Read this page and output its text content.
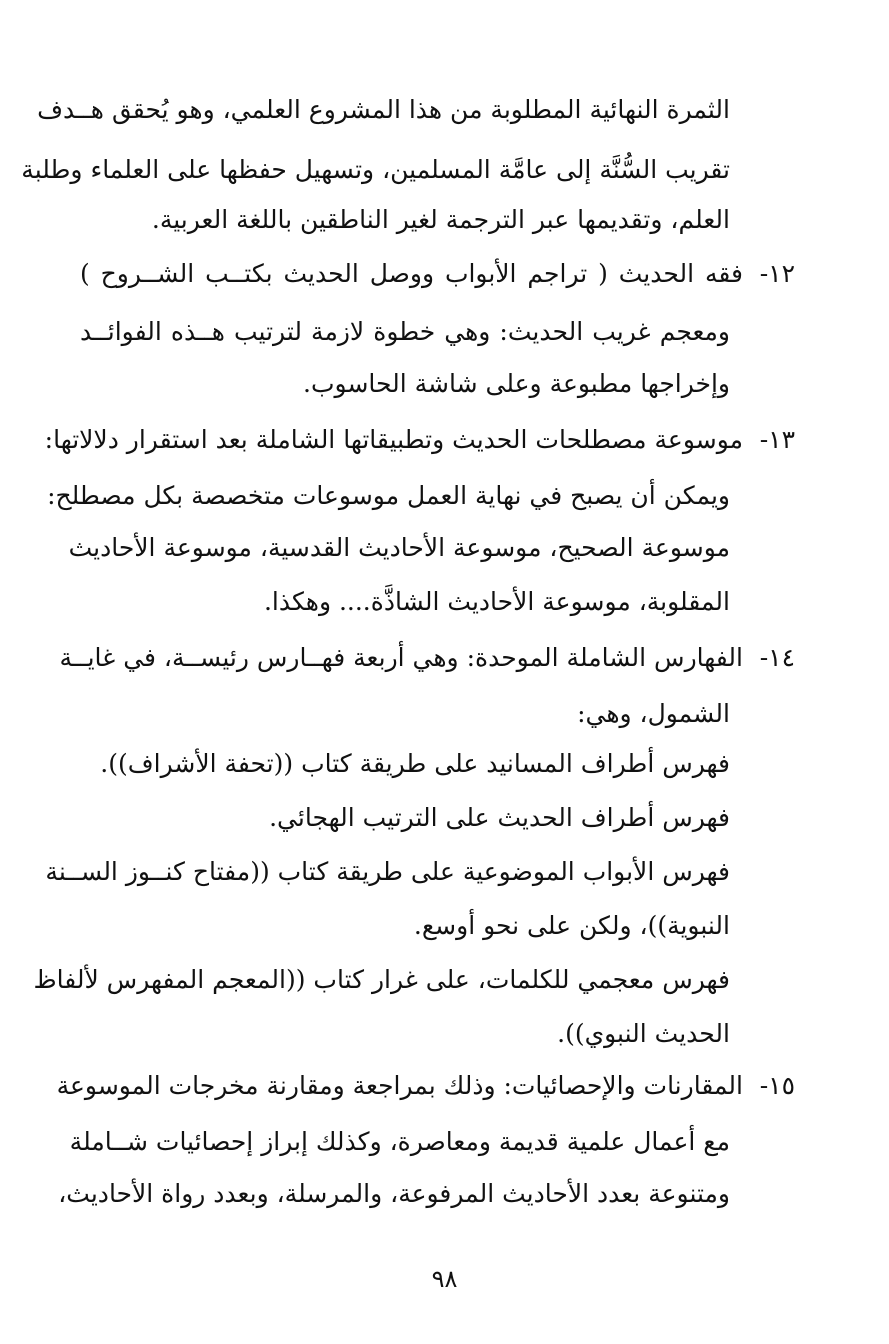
الثمرة النهائية المطلوبة من هذا المشروع العلمي، وهو يُحقق هــدف
تقريب السُّنَّة إلى عامَّة المسلمين، وتسهيل حفظها على العلماء وطلبة
العلم، وتقديمها عبر الترجمة لغير الناطقين باللغة العربية.
١٢-فقه الحديث ( تراجم الأبواب ووصل الحديث بكتــب الشــروح )
ومعجم غريب الحديث: وهي خطوة لازمة لترتيب هــذه الفوائــد
وإخراجها مطبوعة وعلى شاشة الحاسوب.
١٣-موسوعة مصطلحات الحديث وتطبيقاتها الشاملة بعد استقرار دلالاتها:
ويمكن أن يصبح في نهاية العمل موسوعات متخصصة بكل مصطلح:
موسوعة الصحيح، موسوعة الأحاديث القدسية، موسوعة الأحاديث
المقلوبة، موسوعة الأحاديث الشاذَّة.... وهكذا.
١٤-الفهارس الشاملة الموحدة: وهي أربعة فهــارس رئيســة، في غايــة
الشمول، وهي:
فهرس أطراف المسانيد على طريقة كتاب ((تحفة الأشراف)).
فهرس أطراف الحديث على الترتيب الهجائي.
فهرس الأبواب الموضوعية على طريقة كتاب ((مفتاح كنــوز الســنة
النبوية))، ولكن على نحو أوسع.
فهرس معجمي للكلمات، على غرار كتاب ((المعجم المفهرس لألفاظ
الحديث النبوي)).
١٥-المقارنات والإحصائيات: وذلك بمراجعة ومقارنة مخرجات الموسوعة
مع أعمال علمية قديمة ومعاصرة، وكذلك إبراز إحصائيات شــاملة
ومتنوعة بعدد الأحاديث المرفوعة، والمرسلة، وبعدد رواة الأحاديث،
٩٨
